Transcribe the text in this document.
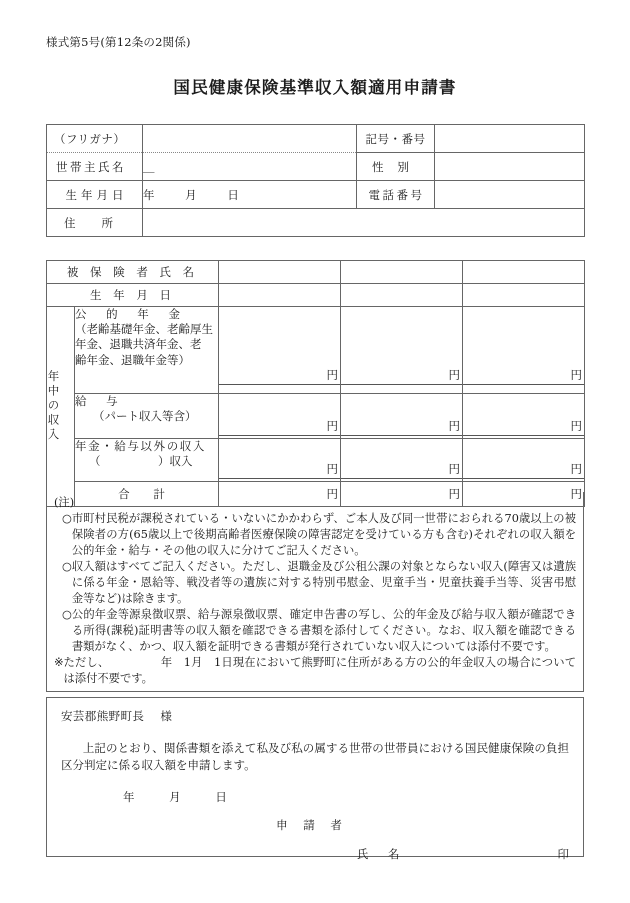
様式第5号(第12条の2関係)
国民健康保険基準収入額適用申請書
（フリガナ）		記号・番号	

世帯主氏名	＿	性別	

生年月日	年 月 日	電話番号	

住所			

被 保 険 者 氏 名				
生 年 月 日				

年中の収入	公 的 年 金
（老齢基礎年金、老齢厚生
年金、退職共済年金、老
齢年金、退職年金等）	円	円	円

	給 与
（パート収入等含）	円	円	円

	年金・給与以外の収入
（　　　　　）収入	円	円	円

	合 計	円	円	円
(注)
○ 市町村民税が課税されている・いないにかかわらず、ご本人及び同一世帯におられる70歳以上の被保険者の方(65歳以上で後期高齢者医療保険の障害認定を受けている方も含む)それぞれの収入額を公的年金・給与・その他の収入に分けてご記入ください。
○ 収入額はすべてご記入ください。ただし、退職金及び公租公課の対象とならない収入(障害又は遺族に係る年金・恩給等、戦没者等の遺族に対する特別弔慰金、児童手当・児童扶養手当等、災害弔慰金等など)は除きます。
○ 公的年金等源泉徴収票、給与源泉徴収票、確定申告書の写し、公的年金及び給与収入額が確認できる所得(課税)証明書等の収入額を確認できる書類を添付してください。なお、収入額を確認できる書類がなく、かつ、収入額を証明できる書類が発行されていない収入については添付不要です。
※ ただし、　　　　　年　1月　1日現在において熊野町に住所がある方の公的年金収入の場合については添付不要です。
安芸郡熊野町長 様
上記のとおり、関係書類を添えて私及び私の属する世帯の世帯員における国民健康保険の負担区分判定に係る収入額を申請します。
年	月	日
申 請 者
氏 名	印
